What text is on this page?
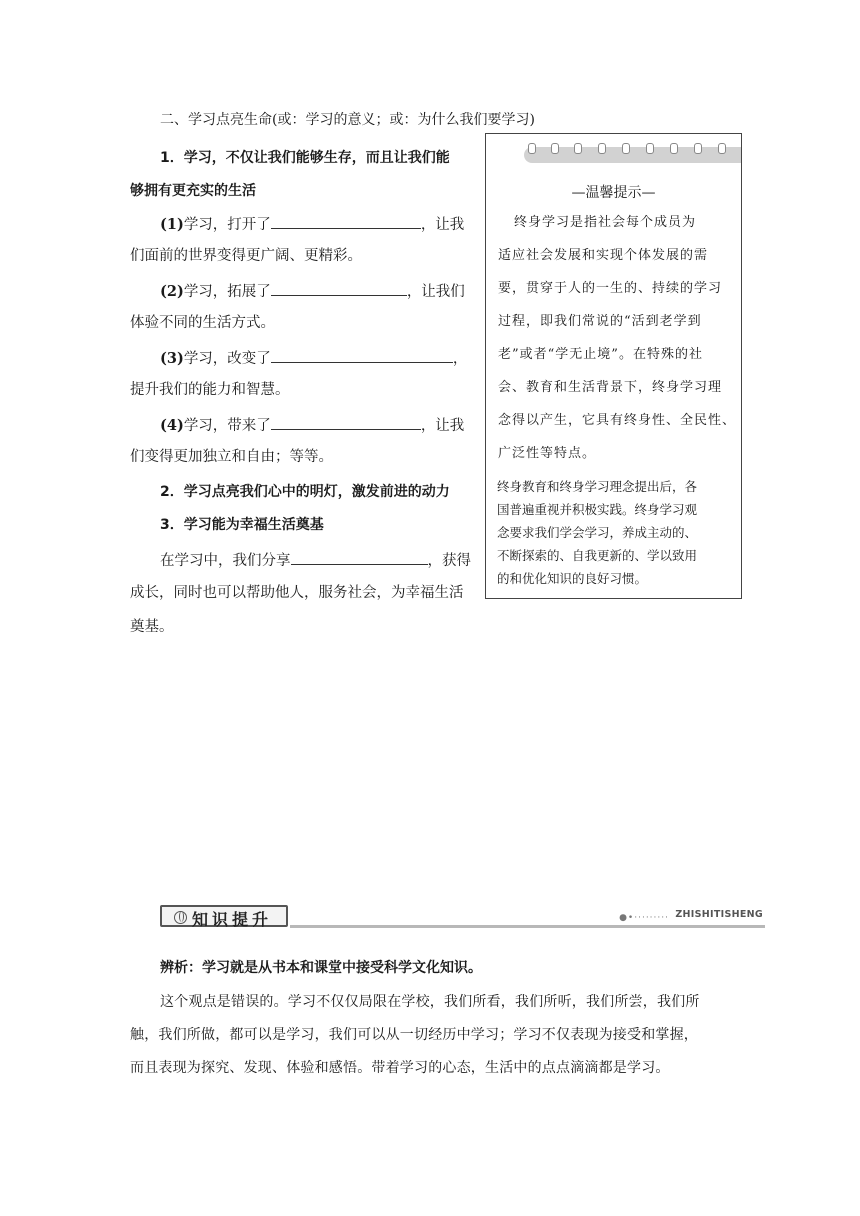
二、学习点亮生命(或：学习的意义；或：为什么我们要学习)
1．学习，不仅让我们能够生存，而且让我们能
够拥有更充实的生活
(1)学习，打开了	，让我
们面前的世界变得更广阔、更精彩。
(2)学习，拓展了	，让我们
体验不同的生活方式。
(3)学习，改变了	，
提升我们的能力和智慧。
(4)学习，带来了	，让我
们变得更加独立和自由；等等。
2．学习点亮我们心中的明灯，激发前进的动力
3．学习能为幸福生活奠基
在学习中，我们分享	，获得
成长，同时也可以帮助他人，服务社会，为幸福生活
奠基。
—温馨提示—
终身学习是指社会每个成员为
适应社会发展和实现个体发展的需
要，贯穿于人的一生的、持续的学习
过程，即我们常说的“活到老学到
老”或者“学无止境”。在特殊的社
会、教育和生活背景下，终身学习理
念得以产生，它具有终身性、全民性、
广泛性等特点。
终身教育和终身学习理念提出后，各
国普遍重视并积极实践。终身学习观
念要求我们学会学习，养成主动的、
不断探索的、自我更新的、学以致用
的和优化知识的良好习惯。
知识提升	●•········· ZHISHITISHENG
辨析：学习就是从书本和课堂中接受科学文化知识。
这个观点是错误的。学习不仅仅局限在学校，我们所看，我们所听，我们所尝，我们所
触，我们所做，都可以是学习，我们可以从一切经历中学习；学习不仅表现为接受和掌握，
而且表现为探究、发现、体验和感悟。带着学习的心态，生活中的点点滴滴都是学习。
